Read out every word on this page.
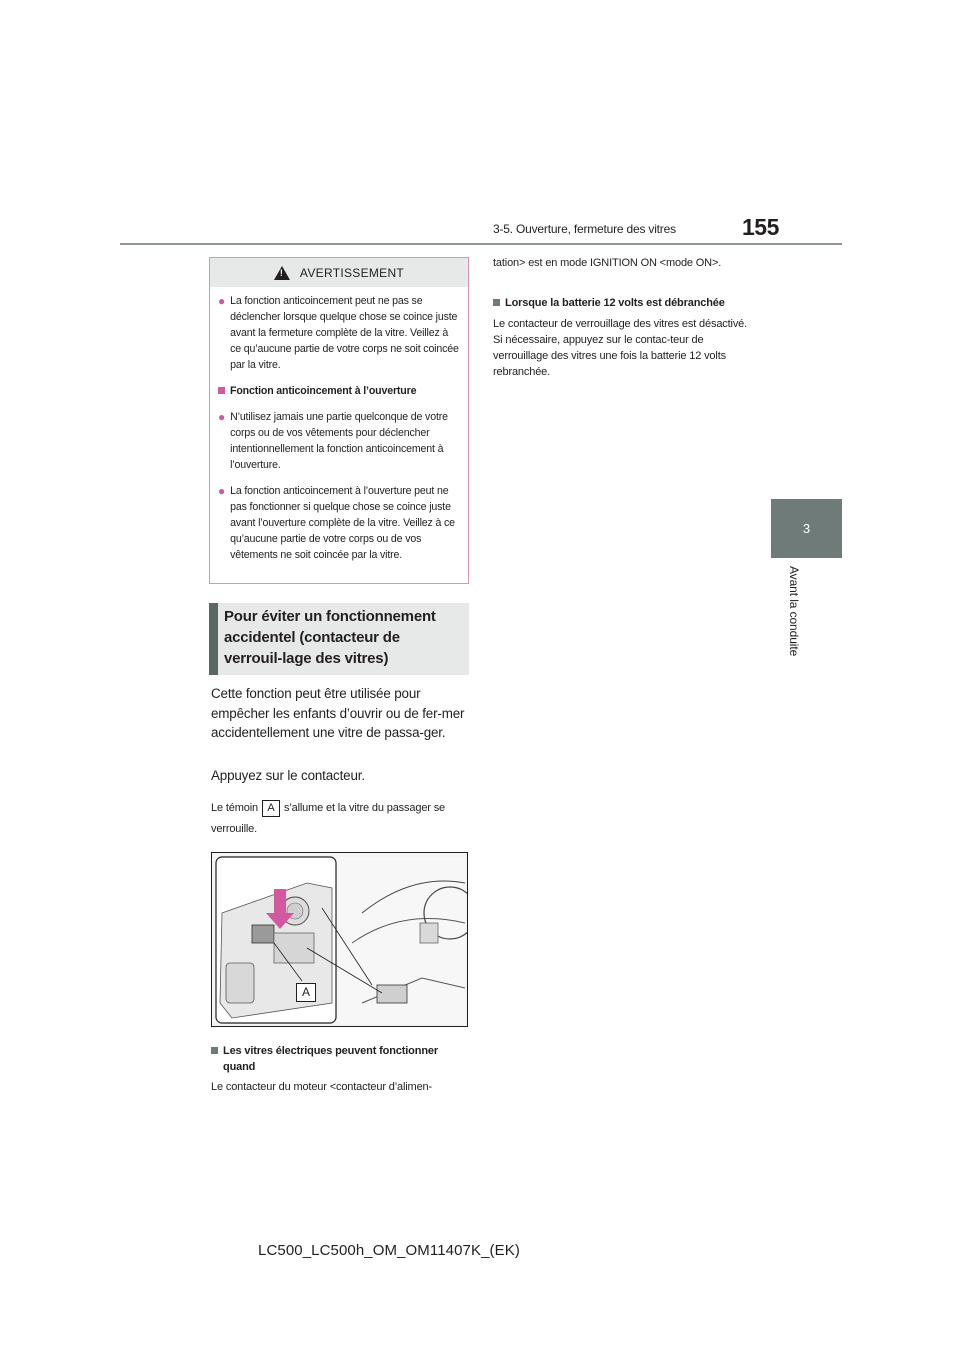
3-5. Ouverture, fermeture des vitres	155
3
Avant la conduite
!
AVERTISSEMENT
● La fonction anticoincement peut ne pas se déclencher lorsque quelque chose se coince juste avant la fermeture complète de la vitre. Veillez à ce qu’aucune partie de votre corps ne soit coincée par la vitre.
Fonction anticoincement à l’ouverture
● N’utilisez jamais une partie quelconque de votre corps ou de vos vêtements pour déclencher intentionnellement la fonction anticoincement à l’ouverture.
● La fonction anticoincement à l’ouverture peut ne pas fonctionner si quelque chose se coince juste avant l’ouverture complète de la vitre. Veillez à ce qu’aucune partie de votre corps ou de vos vêtements ne soit coincée par la vitre.
Pour éviter un fonctionnement accidentel (contacteur de verrouil-lage des vitres)
Cette fonction peut être utilisée pour empêcher les enfants d’ouvrir ou de fer-mer accidentellement une vitre de passa-ger.
Appuyez sur le contacteur.
Le témoin A s’allume et la vitre du passager se verrouille.
A
Les vitres électriques peuvent fonctionner quand
Le contacteur du moteur <contacteur d’alimen-
tation> est en mode IGNITION ON <mode ON>.
Lorsque la batterie 12 volts est débranchée
Le contacteur de verrouillage des vitres est désactivé. Si nécessaire, appuyez sur le contac-teur de verrouillage des vitres une fois la batterie 12 volts rebranchée.
LC500_LC500h_OM_OM11407K_(EK)
